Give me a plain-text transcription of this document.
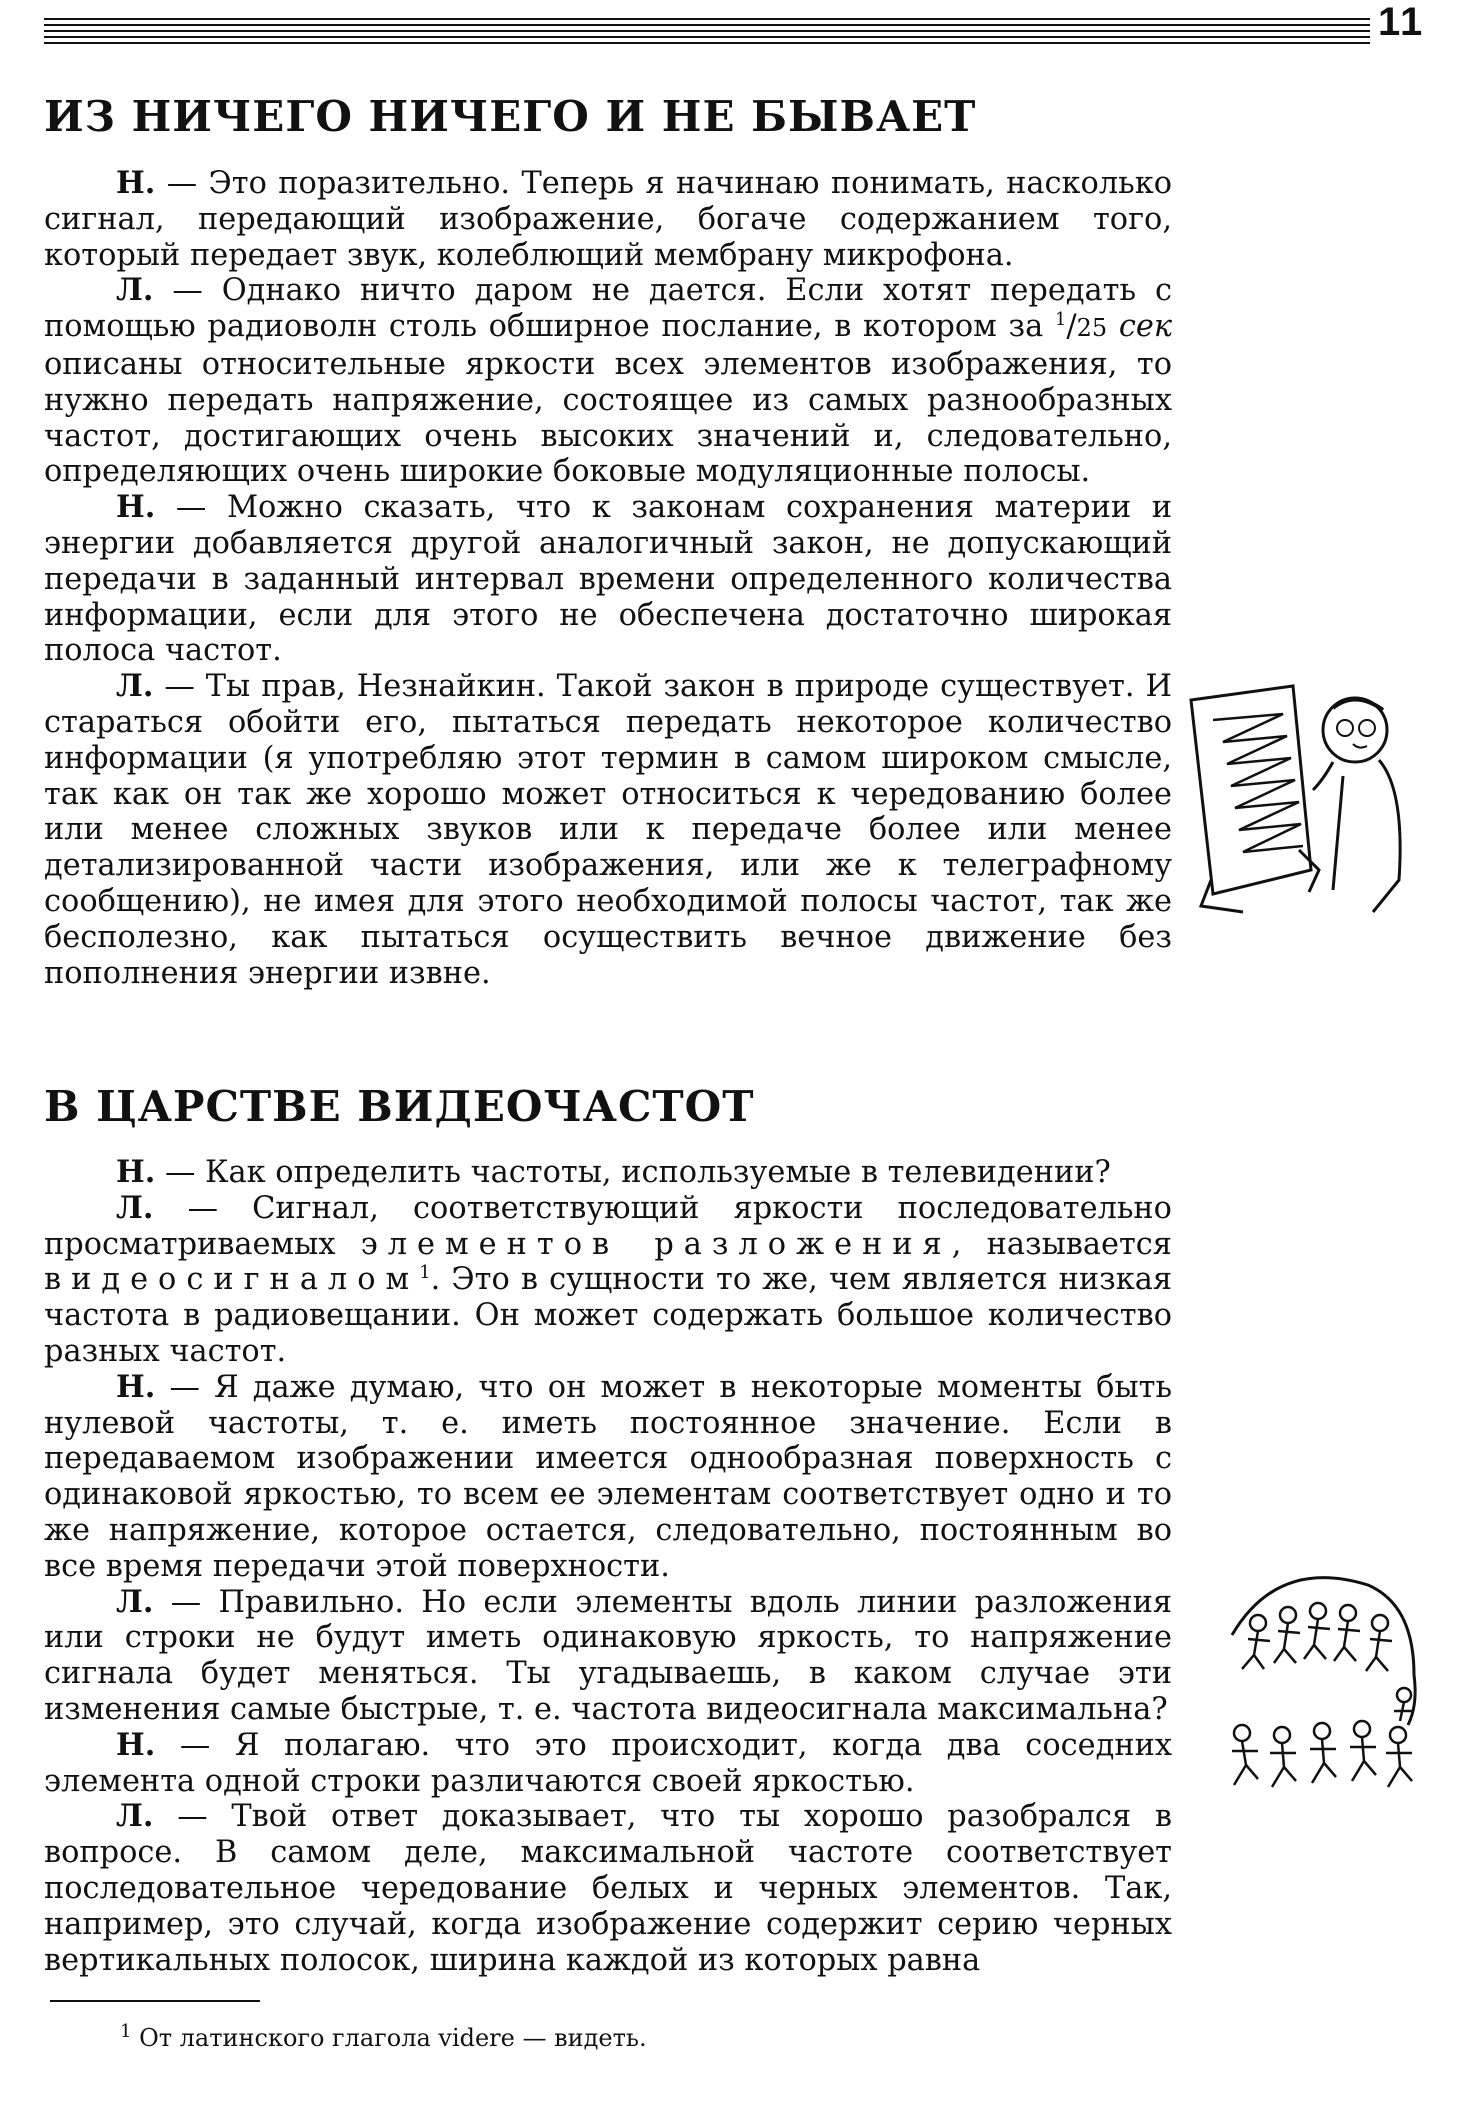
11
ИЗ НИЧЕГО НИЧЕГО И НЕ БЫВАЕТ

Н. — Это поразительно. Теперь я начинаю понимать, насколько сигнал, передающий изображение, богаче содержанием того, который передает звук, колеблющий мембрану микрофона.

Л. — Однако ничто даром не дается. Если хотят передать с помощью радиоволн столь обширное послание, в котором за $^1$/25 сек описаны относительные яркости всех элементов изображения, то нужно передать напряжение, состоящее из самых разнообразных частот, достигающих очень высоких значений и, следовательно, определяющих очень широкие боковые модуляционные полосы.

Н. — Можно сказать, что к законам сохранения материи и энергии добавляется другой аналогичный закон, не допускающий передачи в заданный интервал времени определенного количества информации, если для этого не обеспечена достаточно широкая полоса частот.

Л. — Ты прав, Незнайкин. Такой закон в природе существует. И стараться обойти его, пытаться передать некоторое количество информации (я употребляю этот термин в самом широком смысле, так как он так же хорошо может относиться к чередованию более или менее сложных звуков или к передаче более или менее детализированной части изображения, или же к телеграфному сообщению), не имея для этого необходимой полосы частот, так же бесполезно, как пытаться осуществить вечное движение без пополнения энергии извне.

В ЦАРСТВЕ ВИДЕОЧАСТОТ

Н. — Как определить частоты, используемые в телевидении?

Л. — Сигнал, соответствующий яркости последовательно просматриваемых элементов разложения, называется видеосигналом$^1$. Это в сущности то же, чем является низкая частота в радиовещании. Он может содержать большое количество разных частот.

Н. — Я даже думаю, что он может в некоторые моменты быть нулевой частоты, т. е. иметь постоянное значение. Если в передаваемом изображении имеется однообразная поверхность с одинаковой яркостью, то всем ее элементам соответствует одно и то же напряжение, которое остается, следовательно, постоянным во все время передачи этой поверхности.

Л. — Правильно. Но если элементы вдоль линии разложения или строки не будут иметь одинаковую яркость, то напряжение сигнала будет меняться. Ты угадываешь, в каком случае эти изменения самые быстрые, т. е. частота видеосигнала максимальна?

Н. — Я полагаю. что это происходит, когда два соседних элемента одной строки различаются своей яркостью.

Л. — Твой ответ доказывает, что ты хорошо разобрался в вопросе. В самом деле, максимальной частоте соответствует последовательное чередование белых и черных элементов. Так, например, это случай, когда изображение содержит серию черных вертикальных полосок, ширина каждой из которых равна

$^1$ От латинского глагола videre — видеть.
